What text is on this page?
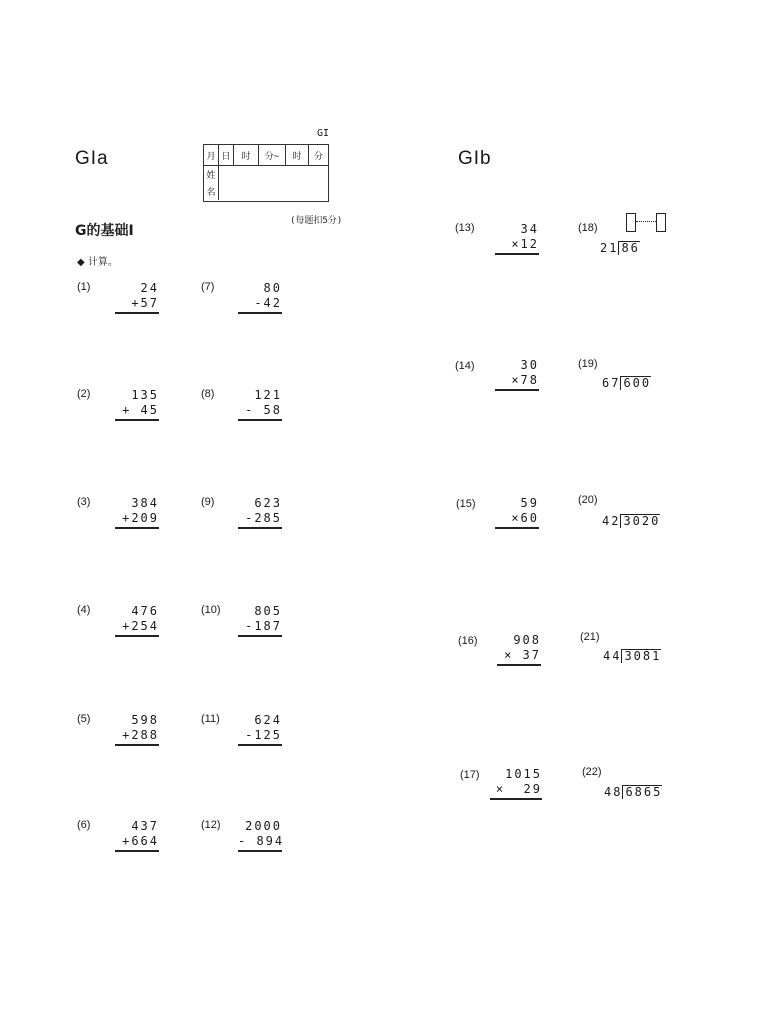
GIa
GI
月 日	时	分~	时	分
姓
名
(每题扣5分)
G的基础Ⅰ
◆ 计算。
GIb
(1)	24
+57
(2)	135
+ 45
(3)	384
+209
(4)	476
+254
(5)	598
+288
(6)	437
+664
(7)	80
-42
(8)	121
- 58
(9)	623
-285
(10)	805
-187
(11)	624
-125
(12)	2000
- 894
(13)	34
×12
(14)	30
×78
(15)	59
×60
(16)	908
× 37
(17)	1015
×  29
(18)
21 86
(19)
67 600
(20)
42 3020
(21)
44 3081
(22)
48 6865
